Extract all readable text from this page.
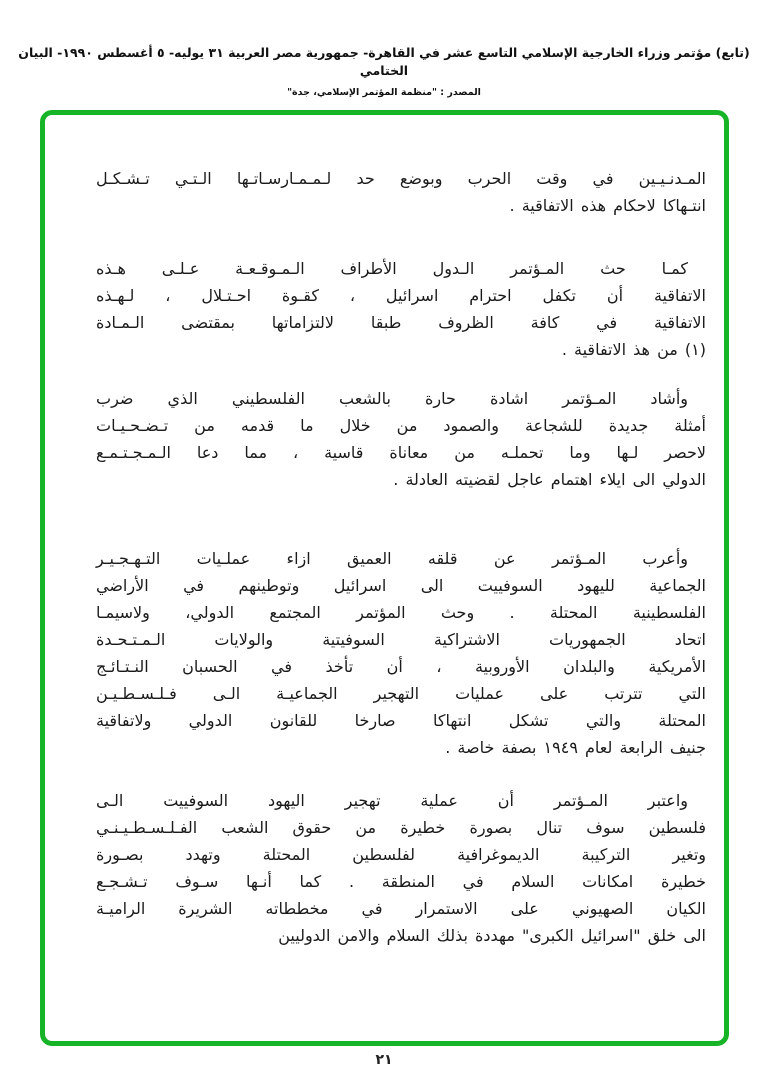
(تابع) مؤتمر وزراء الخارجية الإسلامي التاسع عشر في القاهرة- جمهورية مصر العربية ٣١ يوليه- ٥ أغسطس ١٩٩٠- البيان الختامي
المصدر : "منظمة المؤتمر الإسلامي، جدة"
المـدنـيـين في وقت الحرب وبوضع حد لـمـمـارسـاتـها الـتـي تـشـكـل
انتـهاكا لاحكام هذه الاتفاقية .
كمـا حث المـؤتمر الـدول الأطراف الـمـوقـعـة عـلـى هـذه
الاتفاقية أن تكفل احترام اسرائيل ، كقـوة احـتـلال ، لـهـذه
الاتفاقية في كافة الظروف طبقا لالتزاماتها بمقتضى الـمـادة
(١) من هذ الاتفاقية .
وأشاد المـؤتمر اشادة حارة بالشعب الفلسطيني الذي ضرب
أمثلة جديدة للشجاعة والصمود من خلال ما قدمه من تـضـحـيـات
لاحصر لـها وما تحملـه من معاناة قاسية ، مما دعا الـمـجـتـمـع
الدولي الى ايلاء اهتمام عاجل لقضيته العادلة .
وأعرب المـؤتمر عن قلقه العميق ازاء عملـيات التـهـجـيـر
الجماعية لليهود السوفييت الى اسرائيل وتوطينهم في الأراضي
الفلسطينية المحتلة . وحث المؤتمر المجتمع الدولي، ولاسيمـا
اتحاد الجمهوريات الاشتراكية السوفيتية والولايات الـمـتـحـدة
الأمريكية والبلدان الأوروبية ، أن تأخذ في الحسبان النـتـائـج
التي تترتب على عمليات التهجير الجماعيـة الـى فـلـسـطـيـن
المحتلة والتي تشكل انتهاكا صارخا للقانون الدولي ولاتفاقية
جنيف الرابعة لعام ١٩٤٩ بصفة خاصة .
واعتبر المـؤتمر أن عملية تهجير اليهود السوفييت الـى
فلسطين سوف تنال بصورة خطيرة من حقوق الشعب الفـلـسـطـيـنـي
وتغير التركيبة الديموغرافية لفلسطين المحتلة وتهدد بصـورة
خطيرة امكانات السلام في المنطقة . كما أنـها سـوف تـشـجـع
الكيان الصهيوني على الاستمرار في مخططاته الشريرة الراميـة
الى خلق "اسرائيل الكبرى" مهددة بذلك السلام والامن الدوليين
٢١
